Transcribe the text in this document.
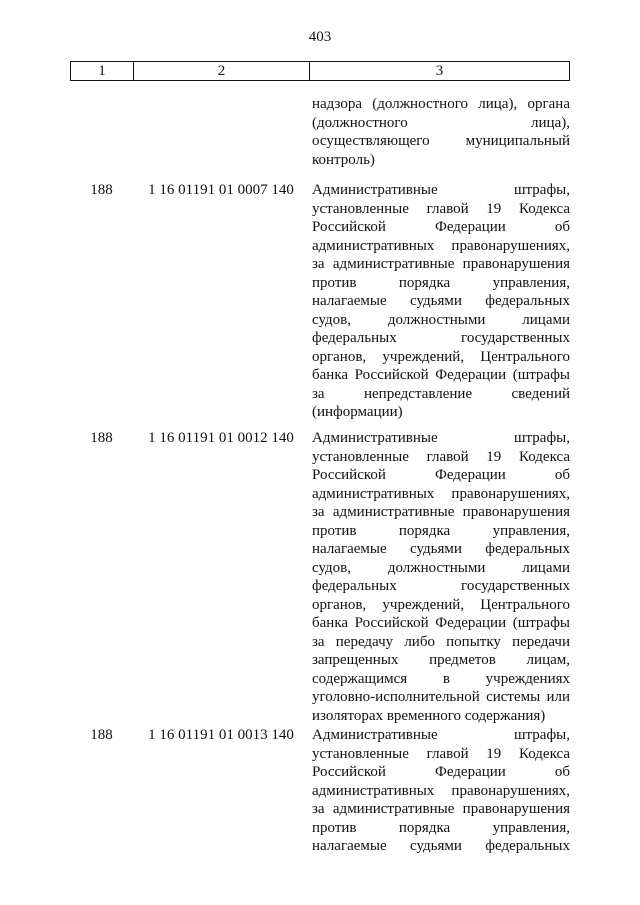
403
1	2	3
надзора (должностного лица), органа
(должностного лица),
осуществляющего муниципальный
контроль)
188	1 16 01191 01 0007 140	Административные штрафы,
установленные главой 19 Кодекса
Российской Федерации об
административных правонарушениях,
за административные правонарушения
против порядка управления,
налагаемые судьями федеральных
судов, должностными лицами
федеральных государственных
органов, учреждений, Центрального
банка Российской Федерации (штрафы
за непредставление сведений
(информации)
188	1 16 01191 01 0012 140	Административные штрафы,
установленные главой 19 Кодекса
Российской Федерации об
административных правонарушениях,
за административные правонарушения
против порядка управления,
налагаемые судьями федеральных
судов, должностными лицами
федеральных государственных
органов, учреждений, Центрального
банка Российской Федерации (штрафы
за передачу либо попытку передачи
запрещенных предметов лицам,
содержащимся в учреждениях
уголовно-исполнительной системы или
изоляторах временного содержания)
188	1 16 01191 01 0013 140	Административные штрафы,
установленные главой 19 Кодекса
Российской Федерации об
административных правонарушениях,
за административные правонарушения
против порядка управления,
налагаемые судьями федеральных
